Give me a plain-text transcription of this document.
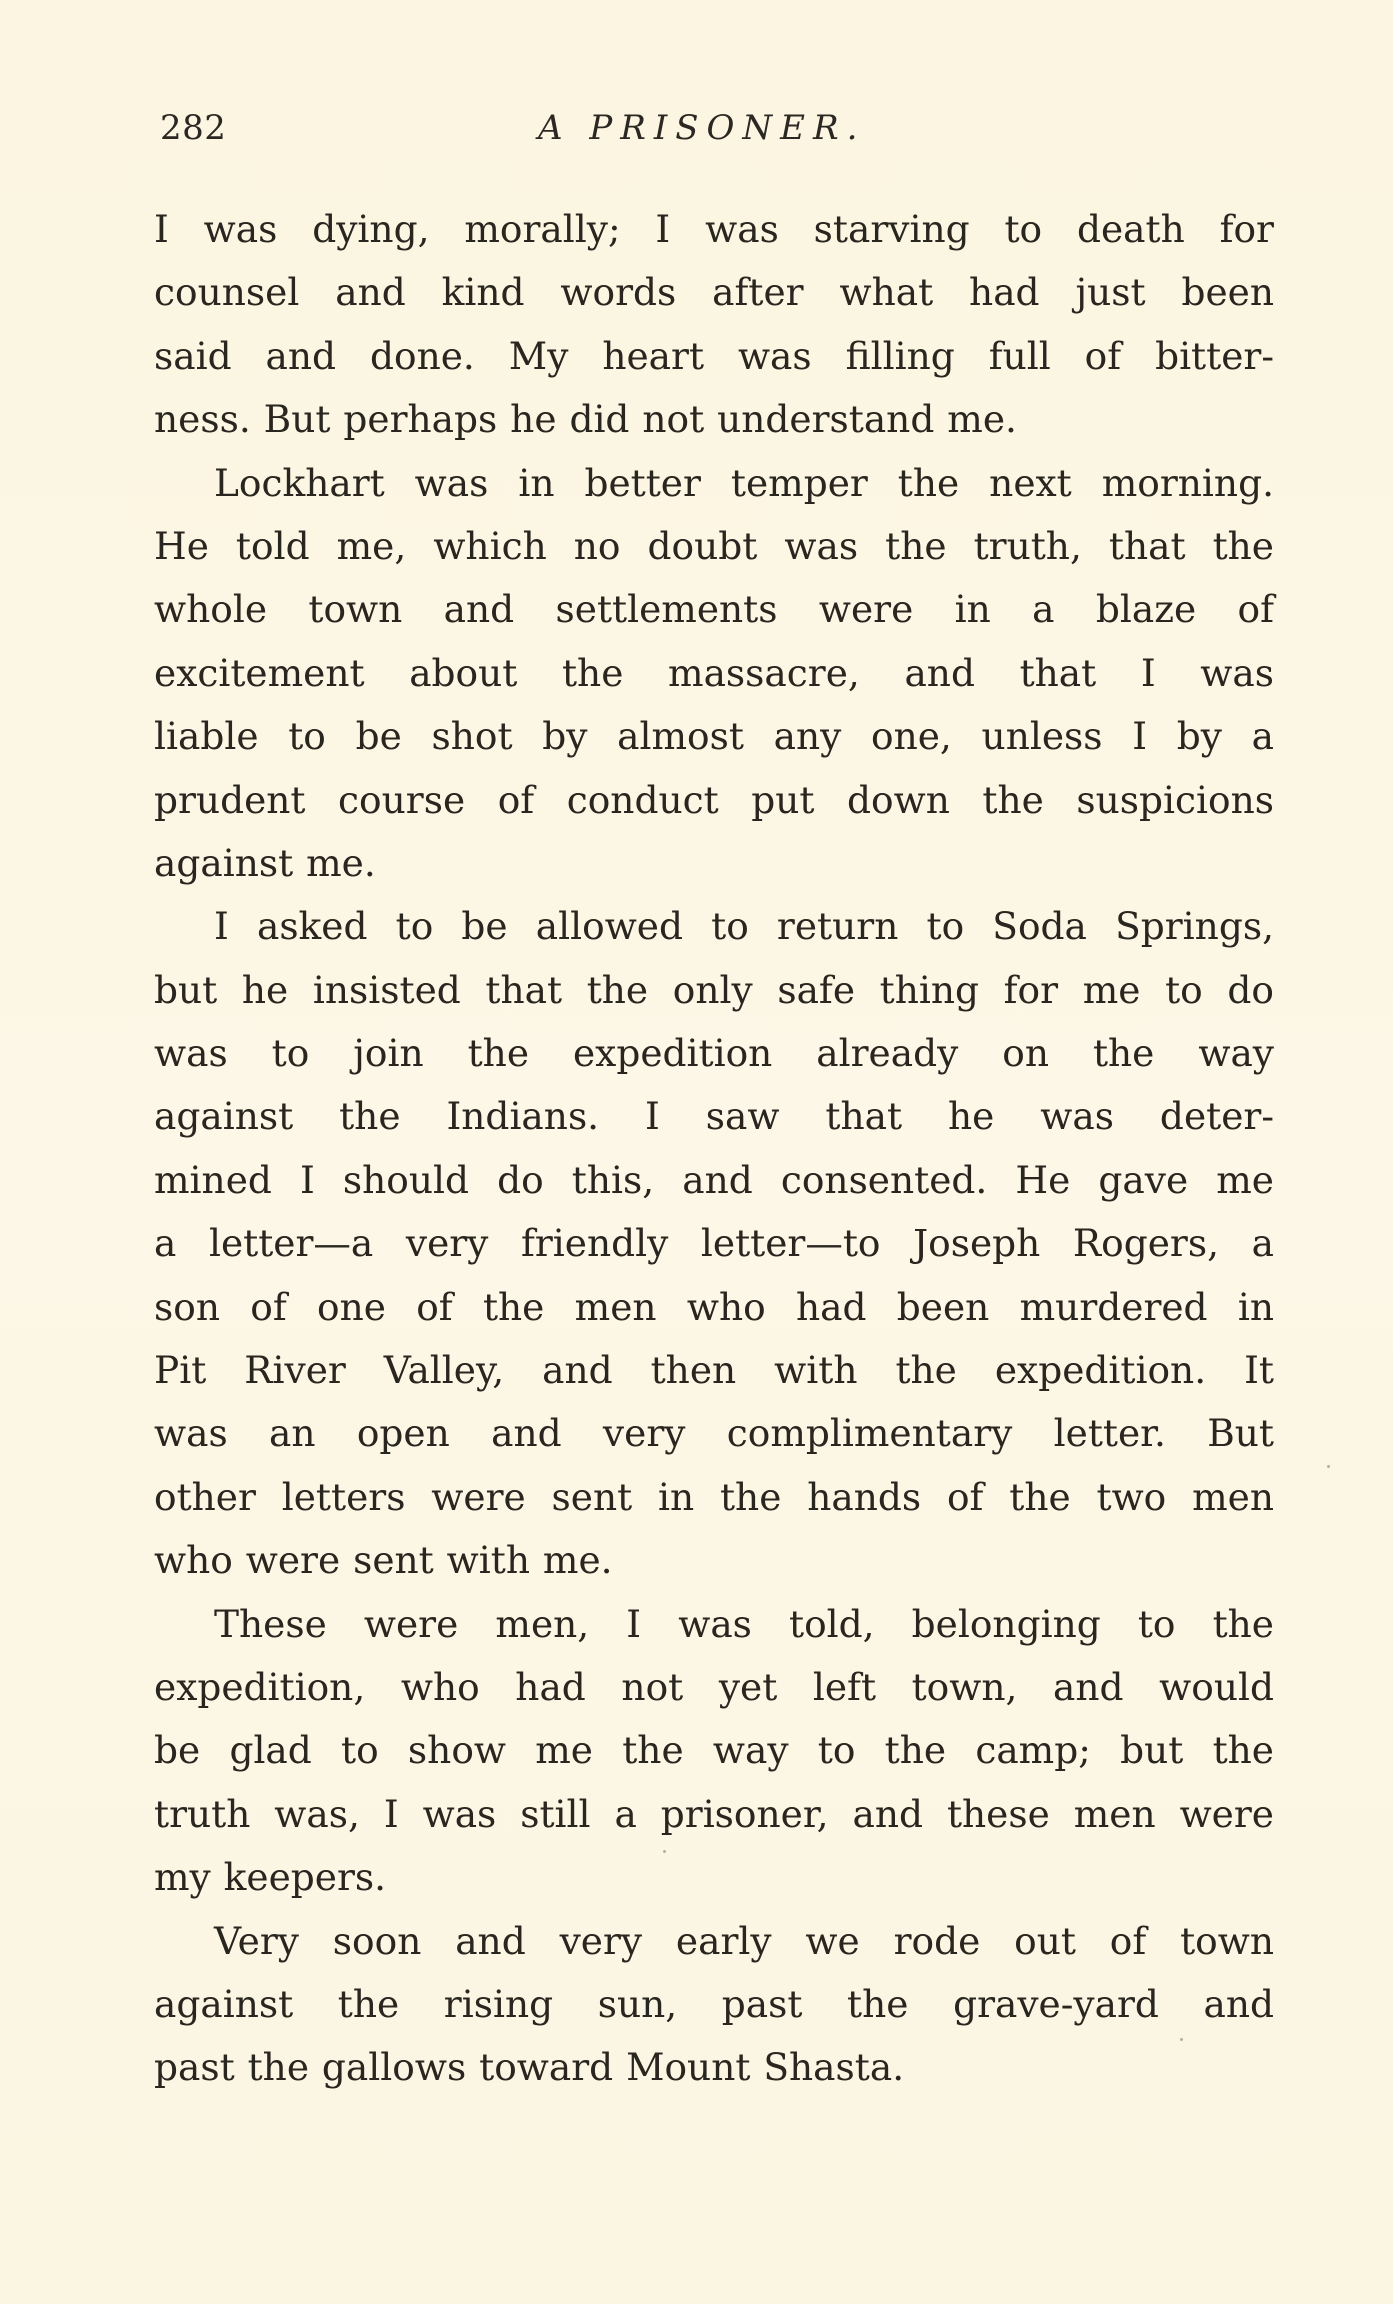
282	A PRISONER.
I was dying, morally; I was starving to death for
counsel and kind words after what had just been
said and done. My heart was filling full of bitter-
ness. But perhaps he did not understand me.
Lockhart was in better temper the next morning.
He told me, which no doubt was the truth, that the
whole town and settlements were in a blaze of
excitement about the massacre, and that I was
liable to be shot by almost any one, unless I by a
prudent course of conduct put down the suspicions
against me.
I asked to be allowed to return to Soda Springs,
but he insisted that the only safe thing for me to do
was to join the expedition already on the way
against the Indians. I saw that he was deter-
mined I should do this, and consented. He gave me
a letter—a very friendly letter—to Joseph Rogers, a
son of one of the men who had been murdered in
Pit River Valley, and then with the expedition. It
was an open and very complimentary letter. But
other letters were sent in the hands of the two men
who were sent with me.
These were men, I was told, belonging to the
expedition, who had not yet left town, and would
be glad to show me the way to the camp; but the
truth was, I was still a prisoner, and these men were
my keepers.
Very soon and very early we rode out of town
against the rising sun, past the grave-yard and
past the gallows toward Mount Shasta.
